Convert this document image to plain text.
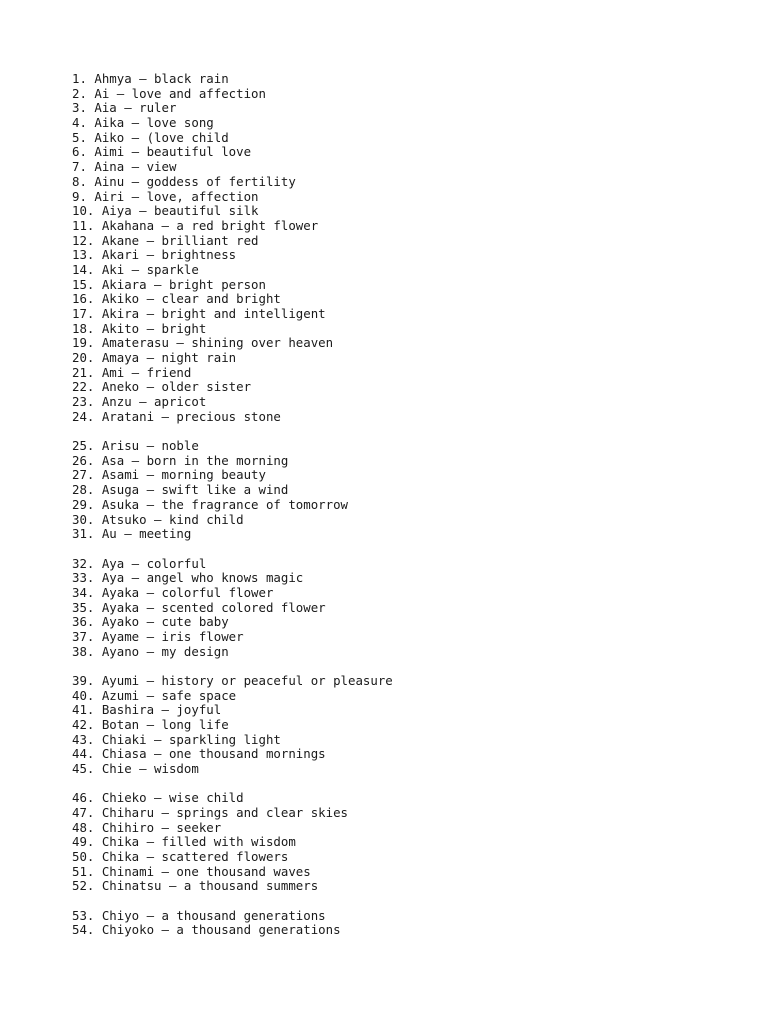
1. Ahmya — black rain
2. Ai — love and affection
3. Aia — ruler
4. Aika — love song
5. Aiko — (love child
6. Aimi — beautiful love
7. Aina — view
8. Ainu — goddess of fertility
9. Airi — love, affection
10. Aiya — beautiful silk
11. Akahana — a red bright flower
12. Akane — brilliant red
13. Akari — brightness
14. Aki — sparkle
15. Akiara — bright person
16. Akiko — clear and bright
17. Akira — bright and intelligent
18. Akito — bright
19. Amaterasu — shining over heaven
20. Amaya — night rain
21. Ami — friend
22. Aneko — older sister
23. Anzu — apricot
24. Aratani — precious stone
25. Arisu — noble
26. Asa — born in the morning
27. Asami — morning beauty
28. Asuga — swift like a wind
29. Asuka — the fragrance of tomorrow
30. Atsuko — kind child
31. Au — meeting
32. Aya — colorful
33. Aya — angel who knows magic
34. Ayaka — colorful flower
35. Ayaka — scented colored flower
36. Ayako — cute baby
37. Ayame — iris flower
38. Ayano — my design
39. Ayumi — history or peaceful or pleasure
40. Azumi — safe space
41. Bashira — joyful
42. Botan — long life
43. Chiaki — sparkling light
44. Chiasa — one thousand mornings
45. Chie — wisdom
46. Chieko — wise child
47. Chiharu — springs and clear skies
48. Chihiro — seeker
49. Chika — filled with wisdom
50. Chika — scattered flowers
51. Chinami — one thousand waves
52. Chinatsu — a thousand summers
53. Chiyo — a thousand generations
54. Chiyoko — a thousand generations
